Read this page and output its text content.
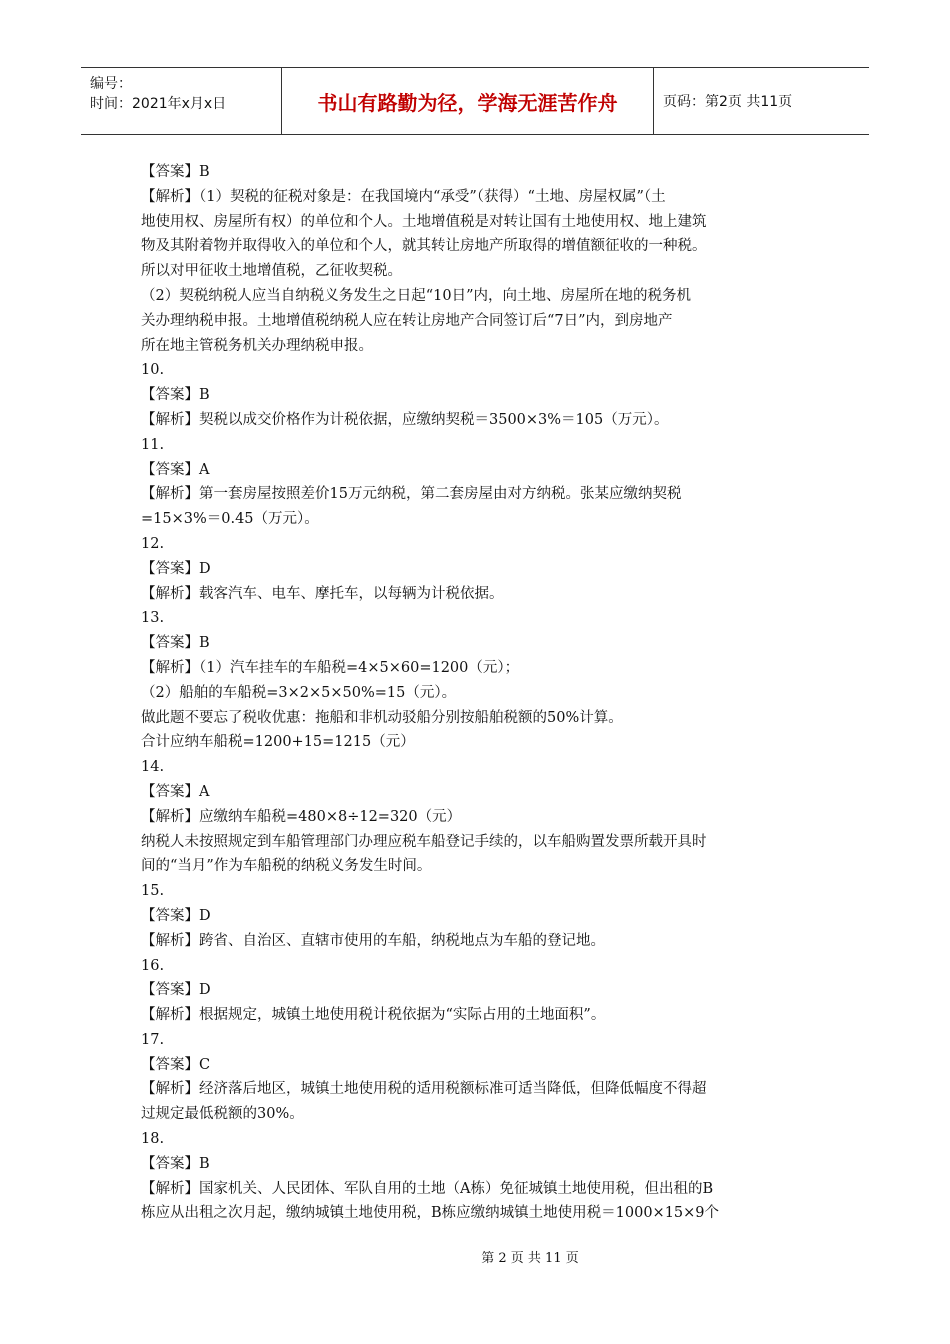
编号：
时间：2021年x月x日	书山有路勤为径，学海无涯苦作舟	页码：第2页 共11页
【答案】B
【解析】（1）契税的征税对象是：在我国境内“承受”（获得）“土地、房屋权属”（土
地使用权、房屋所有权）的单位和个人。土地增值税是对转让国有土地使用权、地上建筑
物及其附着物并取得收入的单位和个人，就其转让房地产所取得的增值额征收的一种税。
所以对甲征收土地增值税，乙征收契税。
（2）契税纳税人应当自纳税义务发生之日起“10日”内，向土地、房屋所在地的税务机
关办理纳税申报。土地增值税纳税人应在转让房地产合同签订后“7日”内，到房地产
所在地主管税务机关办理纳税申报。
10.
【答案】B
【解析】契税以成交价格作为计税依据，应缴纳契税＝3500×3%＝105（万元）。
11.
【答案】A
【解析】第一套房屋按照差价15万元纳税，第二套房屋由对方纳税。张某应缴纳契税
=15×3%＝0.45（万元）。
12.
【答案】D
【解析】载客汽车、电车、摩托车，以每辆为计税依据。
13.
【答案】B
【解析】（1）汽车挂车的车船税=4×5×60=1200（元）；
（2）船舶的车船税=3×2×5×50%=15（元）。
做此题不要忘了税收优惠：拖船和非机动驳船分别按船舶税额的50%计算。
合计应纳车船税=1200+15=1215（元）
14.
【答案】A
【解析】应缴纳车船税=480×8÷12=320（元）
纳税人未按照规定到车船管理部门办理应税车船登记手续的，以车船购置发票所载开具时
间的“当月”作为车船税的纳税义务发生时间。
15.
【答案】D
【解析】跨省、自治区、直辖市使用的车船，纳税地点为车船的登记地。
16.
【答案】D
【解析】根据规定，城镇土地使用税计税依据为“实际占用的土地面积”。
17.
【答案】C
【解析】经济落后地区，城镇土地使用税的适用税额标准可适当降低，但降低幅度不得超
过规定最低税额的30%。
18.
【答案】B
【解析】国家机关、人民团体、军队自用的土地（A栋）免征城镇土地使用税，但出租的B
栋应从出租之次月起，缴纳城镇土地使用税，B栋应缴纳城镇土地使用税＝1000×15×9个
第 2 页 共 11 页
